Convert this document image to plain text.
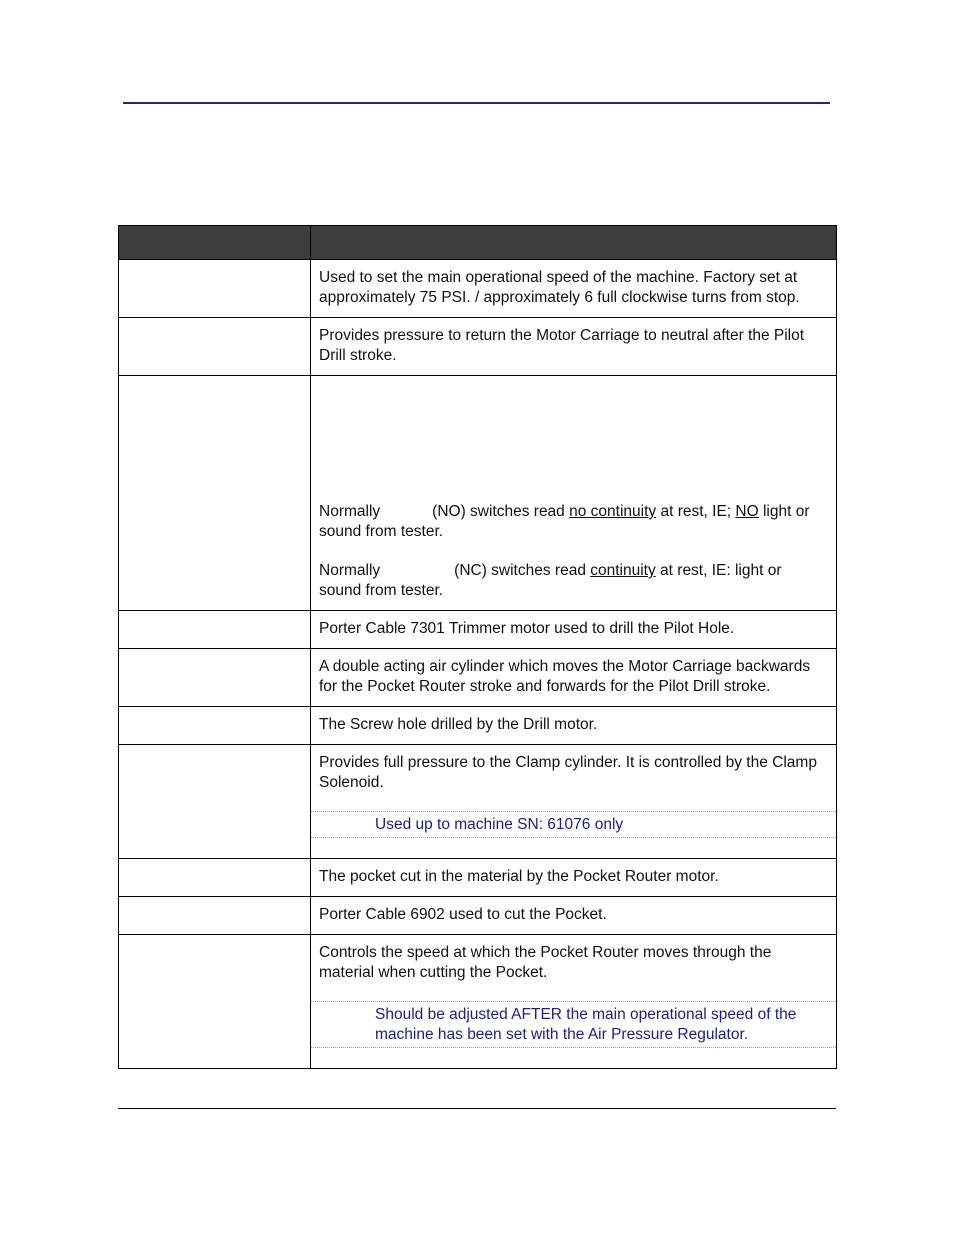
	Used to set the main operational speed of the machine. Factory set at approximately 75 PSI. / approximately 6 full clockwise turns from stop.

	Provides pressure to return the Motor Carriage to neutral after the Pilot Drill stroke.

	Normally (NO) switches read no continuity at rest, IE; NO light or sound from tester.

Normally (NC) switches read continuity at rest, IE: light or sound from tester.

	Porter Cable 7301 Trimmer motor used to drill the Pilot Hole.

	A double acting air cylinder which moves the Motor Carriage backwards for the Pocket Router stroke and forwards for the Pilot Drill stroke.

	The Screw hole drilled by the Drill motor.

	Provides full pressure to the Clamp cylinder. It is controlled by the Clamp Solenoid.

Used up to machine SN: 61076 only

	The pocket cut in the material by the Pocket Router motor.

	Porter Cable 6902 used to cut the Pocket.

	Controls the speed at which the Pocket Router moves through the material when cutting the Pocket.

Should be adjusted AFTER the main operational speed of the machine has been set with the Air Pressure Regulator.
